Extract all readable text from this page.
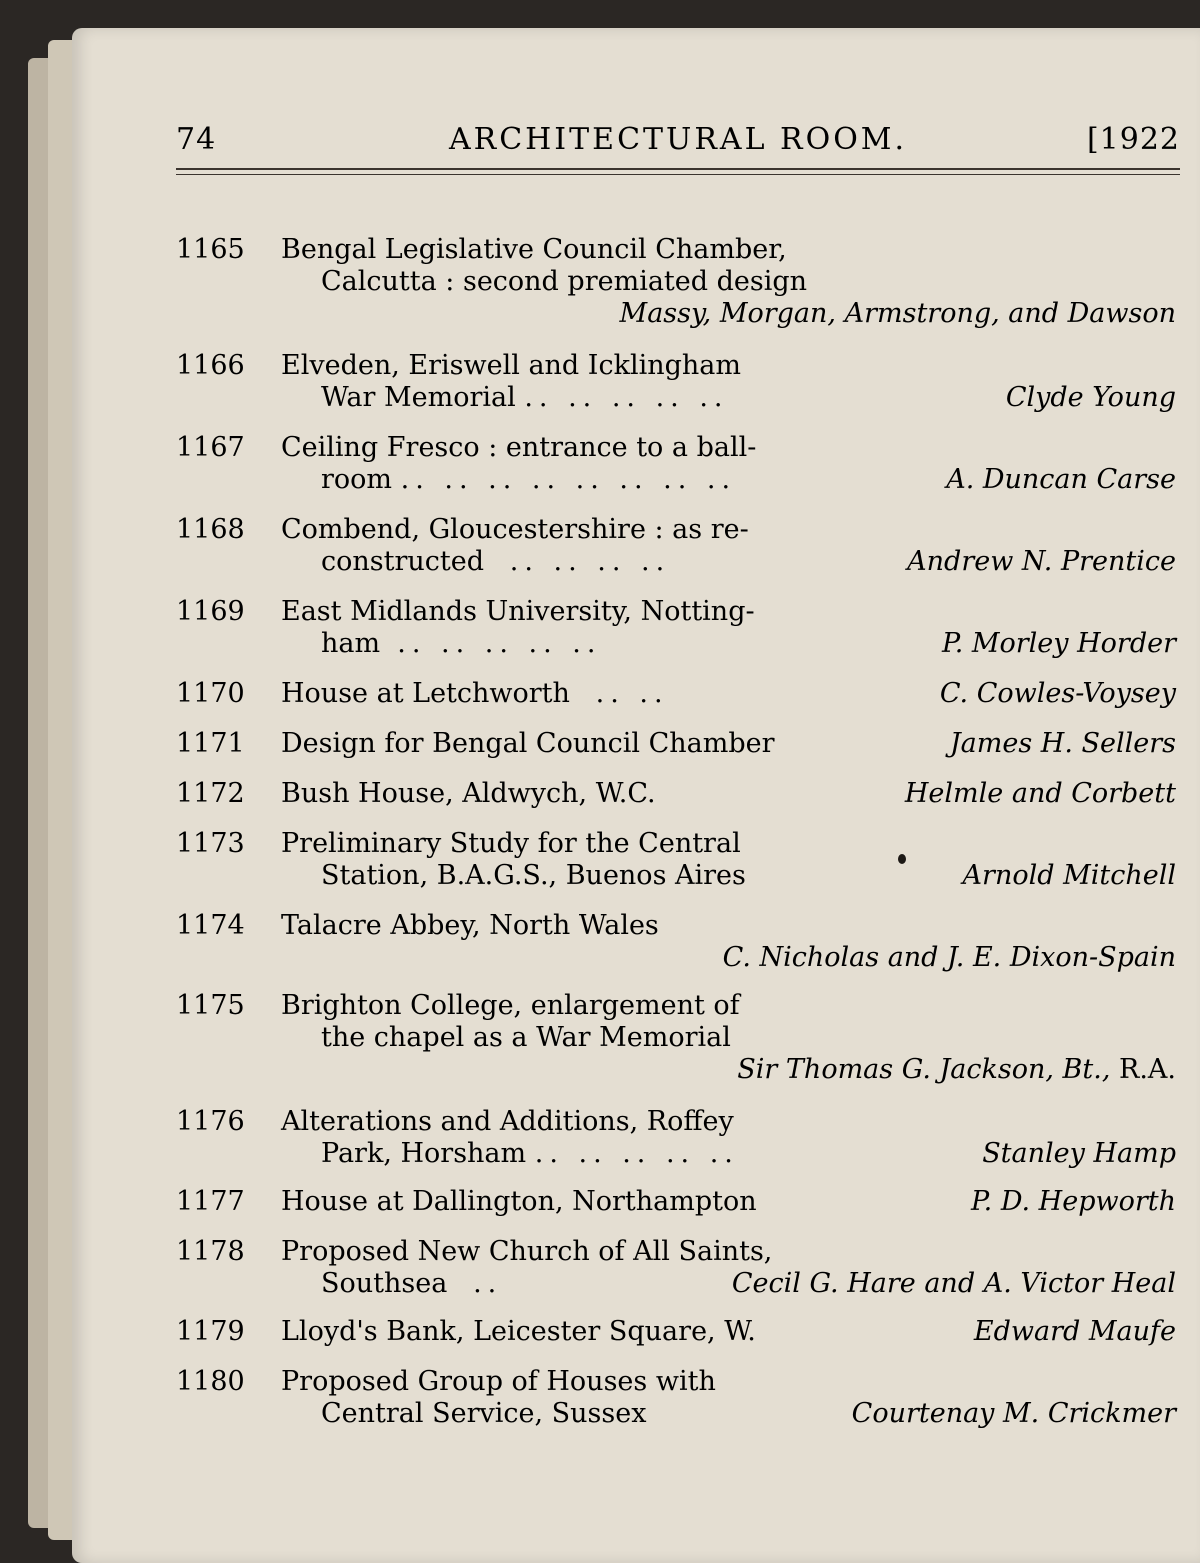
74	ARCHITECTURAL ROOM.	[1922
1165 Bengal Legislative Council Chamber,
Calcutta : second premiated design
Massy, Morgan, Armstrong, and Dawson
1166 Elveden, Eriswell and Icklingham
War Memorial .. .. .. .. ..	Clyde Young
1167 Ceiling Fresco : entrance to a ball-
room .. .. .. .. .. .. .. ..	A. Duncan Carse
1168 Combend, Gloucestershire : as re-
constructed .. .. .. ..	Andrew N. Prentice
1169 East Midlands University, Notting-
ham .. .. .. .. ..	P. Morley Horder
1170 House at Letchworth .. ..	C. Cowles-Voysey
1171 Design for Bengal Council Chamber	James H. Sellers
1172 Bush House, Aldwych, W.C.	Helmle and Corbett
1173 Preliminary Study for the Central
Station, B.A.G.S., Buenos Aires	Arnold Mitchell
1174 Talacre Abbey, North Wales
C. Nicholas and J. E. Dixon-Spain
1175 Brighton College, enlargement of
the chapel as a War Memorial
Sir Thomas G. Jackson, Bt., R.A.
1176 Alterations and Additions, Roffey
Park, Horsham .. .. .. .. ..	Stanley Hamp
1177 House at Dallington, Northampton	P. D. Hepworth
1178 Proposed New Church of All Saints,
Southsea ..	Cecil G. Hare and A. Victor Heal
1179 Lloyd's Bank, Leicester Square, W.	Edward Maufe
1180 Proposed Group of Houses with
Central Service, Sussex	Courtenay M. Crickmer
